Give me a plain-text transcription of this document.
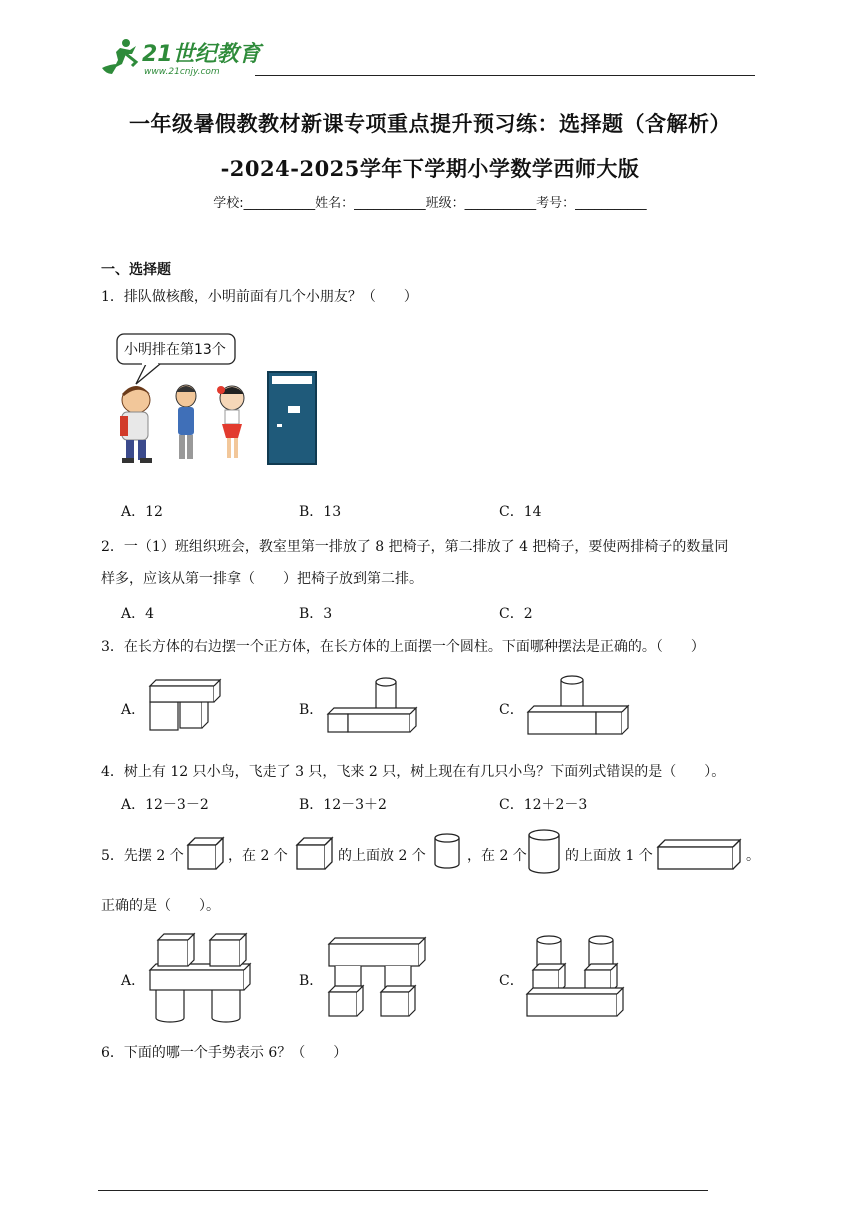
21世纪教育
www.21cnjy.com
一年级暑假教教材新课专项重点提升预习练：选择题（含解析）
-2024-2025学年下学期小学数学西师大版
学校:___________姓名：___________班级：___________考号：___________
一、选择题
1．排队做核酸，小明前面有几个小朋友？（　　）
小明排在第13个
A．12	B．13	C．14
2．一（1）班组织班会，教室里第一排放了 8 把椅子，第二排放了 4 把椅子，要使两排椅子的数量同
样多，应该从第一排拿（　　）把椅子放到第二排。
A．4	B．3	C．2
3．在长方体的右边摆一个正方体，在长方体的上面摆一个圆柱。下面哪种摆法是正确的。（　　）
A．	B．	C．
4．树上有 12 只小鸟，飞走了 3 只，飞来 2 只，树上现在有几只小鸟？下面列式错误的是（　　）。
A．12－3－2	B．12－3＋2	C．12＋2－3
5．先摆 2 个	，在 2 个	的上面放 2 个	，在 2 个	的上面放 1 个	。
正确的是（　　）。
A．	B．	C．
6．下面的哪一个手势表示 6？（　　）
